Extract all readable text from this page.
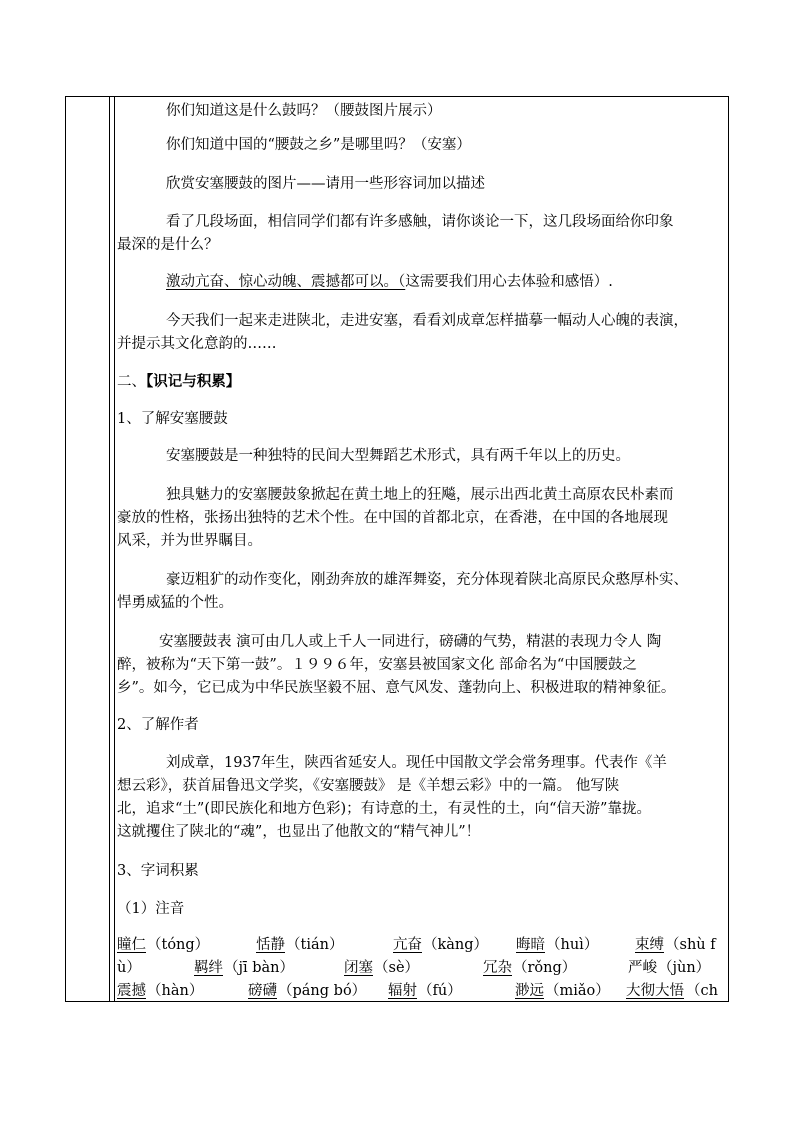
你们知道这是什么鼓吗？（腰鼓图片展示）
你们知道中国的“腰鼓之乡”是哪里吗？（安塞）
欣赏安塞腰鼓的图片——请用一些形容词加以描述
看了几段场面，相信同学们都有许多感触，请你谈论一下，这几段场面给你印象
最深的是什么？
激动亢奋、惊心动魄、震撼都可以。（这需要我们用心去体验和感悟）.
今天我们一起来走进陕北，走进安塞，看看刘成章怎样描摹一幅动人心魄的表演，
并提示其文化意韵的……
二、【识记与积累】
1、了解安塞腰鼓
安塞腰鼓是一种独特的民间大型舞蹈艺术形式，具有两千年以上的历史。
独具魅力的安塞腰鼓象掀起在黄土地上的狂飚，展示出西北黄土高原农民朴素而
豪放的性格，张扬出独特的艺术个性。在中国的首都北京，在香港，在中国的各地展现
风采，并为世界瞩目。
豪迈粗犷的动作变化，刚劲奔放的雄浑舞姿，充分体现着陕北高原民众憨厚朴实、
悍勇威猛的个性。
安塞腰鼓表 演可由几人或上千人一同进行，磅礴的气势，精湛的表现力令人 陶
醉，被称为“天下第一鼓”。１９９６年，安塞县被国家文化 部命名为“中国腰鼓之
乡”。如今，它已成为中华民族坚毅不屈、意气风发、蓬勃向上、积极进取的精神象征。
2、了解作者
刘成章，1937年生，陕西省延安人。现任中国散文学会常务理事。代表作《羊
想云彩》，获首届鲁迅文学奖，《安塞腰鼓》 是《羊想云彩》中的一篇。 他写陕
北，追求“土”(即民族化和地方色彩)；有诗意的土，有灵性的土，向“信天游”靠拢。
这就攫住了陕北的“魂”，也显出了他散文的“精气神儿”！
3、字词积累
（1）注音
瞳仁 （tóng）	恬静 （tián）	亢奋 （kàng） 晦暗 （huì）	束缚 （shù f
ù）	羁绊 （jī bàn）	闭塞 （sè）	冗杂 （rǒng）	严峻 （jùn）
震撼 （hàn）	磅礴 （páng bó） 辐射 （fú）	渺远 （miǎo） 大彻大悟 （ch
